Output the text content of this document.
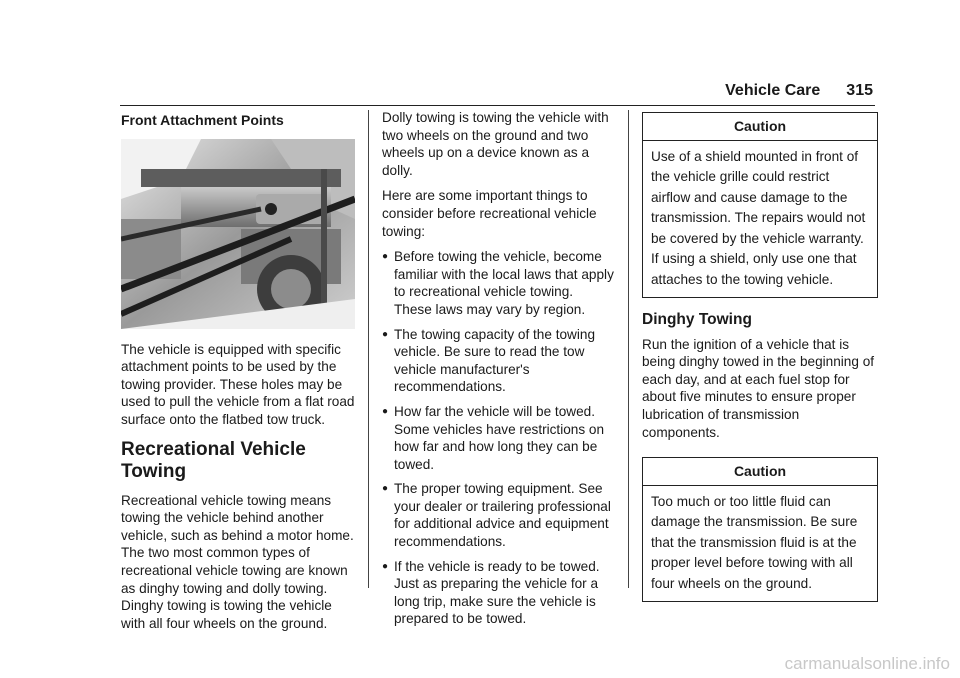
Vehicle Care 315
Front Attachment Points

The vehicle is equipped with specific attachment points to be used by the towing provider. These holes may be used to pull the vehicle from a flat road surface onto the flatbed tow truck.

Recreational Vehicle Towing

Recreational vehicle towing means towing the vehicle behind another vehicle, such as behind a motor home. The two most common types of recreational vehicle towing are known as dinghy towing and dolly towing. Dinghy towing is towing the vehicle with all four wheels on the ground.

Dolly towing is towing the vehicle with two wheels on the ground and two wheels up on a device known as a dolly.

Here are some important things to consider before recreational vehicle towing:

● Before towing the vehicle, become familiar with the local laws that apply to recreational vehicle towing. These laws may vary by region.
● The towing capacity of the towing vehicle. Be sure to read the tow vehicle manufacturer's recommendations.
● How far the vehicle will be towed. Some vehicles have restrictions on how far and how long they can be towed.
● The proper towing equipment. See your dealer or trailering professional for additional advice and equipment recommendations.
● If the vehicle is ready to be towed. Just as preparing the vehicle for a long trip, make sure the vehicle is prepared to be towed.
Caution
Use of a shield mounted in front of the vehicle grille could restrict airflow and cause damage to the transmission. The repairs would not be covered by the vehicle warranty. If using a shield, only use one that attaches to the towing vehicle.
Dinghy Towing

Run the ignition of a vehicle that is being dinghy towed in the beginning of each day, and at each fuel stop for about five minutes to ensure proper lubrication of transmission components.

Caution
Too much or too little fluid can damage the transmission. Be sure that the transmission fluid is at the proper level before towing with all four wheels on the ground.
carmanualsonline.info
